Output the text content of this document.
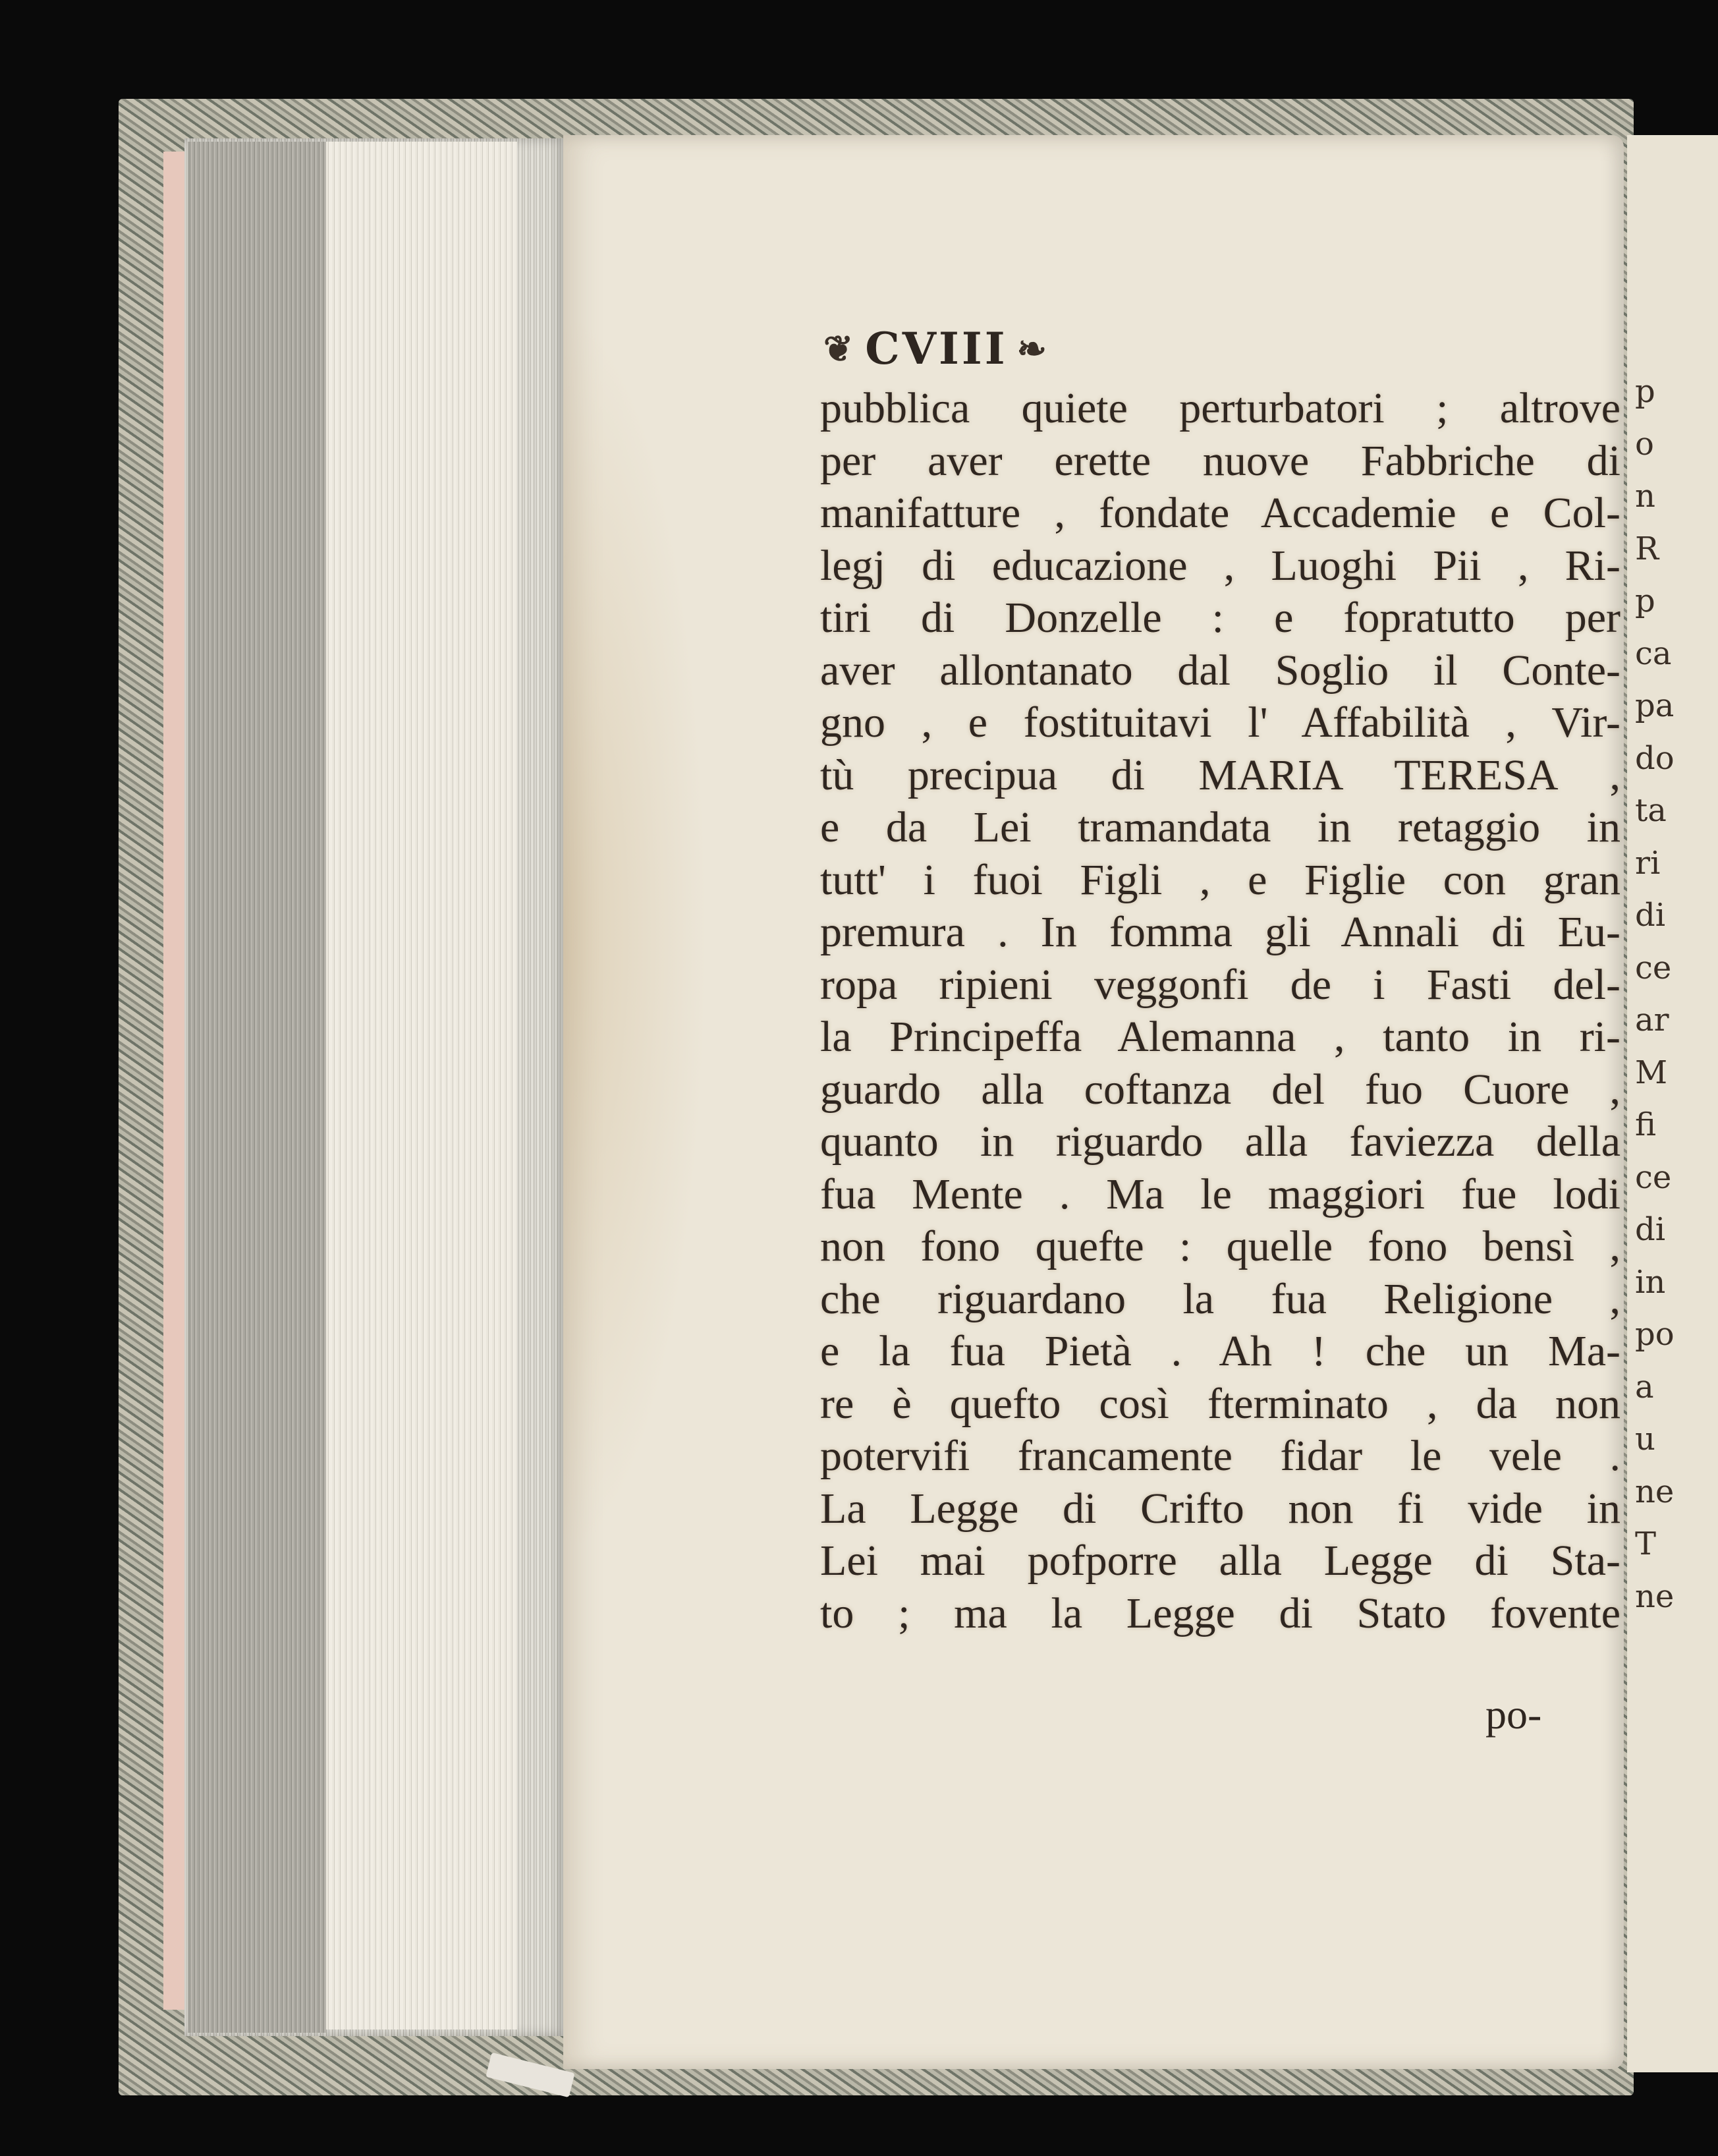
p
o
n
R
p
ca
pa
do
ta
ri
di
ce
ar
M
fi
ce
di
in
po
a
u
ne
T
ne
❦ CVIII ❧
pubblica quiete perturbatori ; altrove
per aver erette nuove Fabbriche di
manifatture , fondate Accademie e Col-
legj di educazione , Luoghi Pii , Ri-
tiri di Donzelle : e fopratutto per
aver allontanato dal Soglio il Conte-
gno , e fostituitavi l' Affabilità , Vir-
tù precipua di MARIA TERESA ,
e da Lei tramandata in retaggio in
tutt' i fuoi Figli , e Figlie con gran
premura . In fomma gli Annali di Eu-
ropa ripieni veggonfi de i Fasti del-
la Principeffa Alemanna , tanto in ri-
guardo alla coftanza del fuo Cuore ,
quanto in riguardo alla faviezza della
fua Mente . Ma le maggiori fue lodi
non fono quefte : quelle fono bensì ,
che riguardano la fua Religione ,
e la fua Pietà . Ah ! che un Ma-
re è quefto così fterminato , da non
potervifi francamente fidar le vele .
La Legge di Crifto non fi vide in
Lei mai pofporre alla Legge di Sta-
to ; ma la Legge di Stato fovente
po-
